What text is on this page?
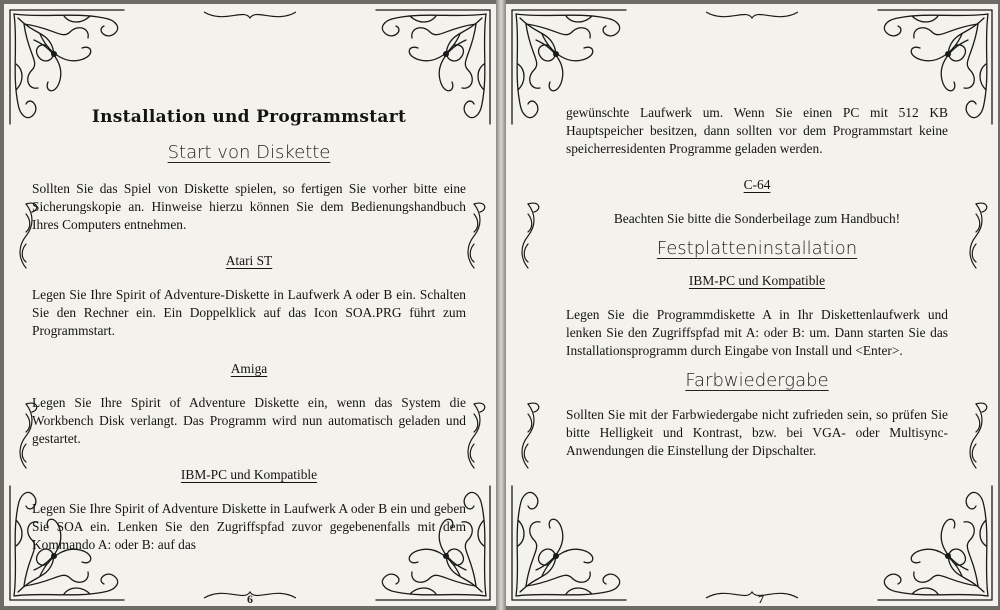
Installation und Programmstart
Start von Diskette

Sollten Sie das Spiel von Diskette spielen, so fertigen Sie vorher bitte eine Sicherungskopie an. Hinweise hierzu können Sie dem Bedienungshandbuch Ihres Computers entnehmen.

Atari ST

Legen Sie Ihre Spirit of Adventure-Diskette in Laufwerk A oder B ein. Schalten Sie den Rechner ein. Ein Doppelklick auf das Icon SOA.PRG führt zum Programmstart.

Amiga

Legen Sie Ihre Spirit of Adventure Diskette ein, wenn das System die Workbench Disk verlangt. Das Programm wird nun automatisch geladen und gestartet.

IBM-PC und Kompatible

Legen Sie Ihre Spirit of Adventure Diskette in Laufwerk A oder B ein und geben Sie SOA ein. Lenken Sie den Zugriffspfad zuvor gegebenenfalls mit dem Kommando A: oder B: auf das

6

gewünschte Laufwerk um. Wenn Sie einen PC mit 512 KB Hauptspeicher besitzen, dann sollten vor dem Programmstart keine speicherresidenten Programme geladen werden.

C-64

Beachten Sie bitte die Sonderbeilage zum Handbuch!

Festplatteninstallation
IBM-PC und Kompatible

Legen Sie die Programmdiskette A in Ihr Diskettenlaufwerk und lenken Sie den Zugriffspfad mit A: oder B: um. Dann starten Sie das Installationsprogramm durch Eingabe von Install und <Enter>.

Farbwiedergabe

Sollten Sie mit der Farbwiedergabe nicht zufrieden sein, so prüfen Sie bitte Helligkeit und Kontrast, bzw. bei VGA- oder Multisync-Anwendungen die Einstellung der Dipschalter.

7
